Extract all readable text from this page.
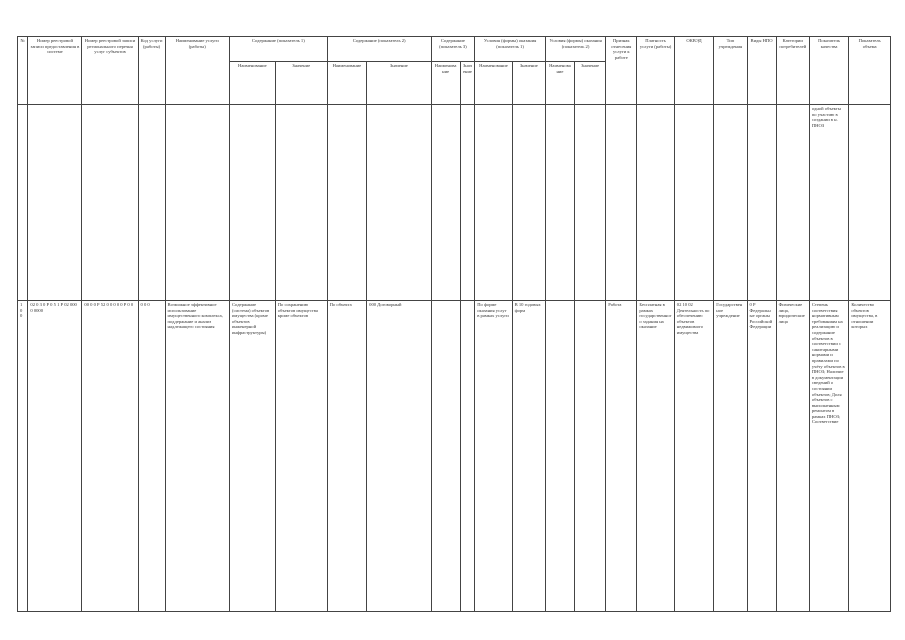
№	Номер реестровой записи предоставления в системе	Номер реестровой записи регионального перечня услуг субъектов	Код услуги (работы)	Наименование услуги (работы)	Содержание (показатель 1)		Содержание (показатель 2)		Содержание (показатель 3)		Условия (формы) оказания (показатель 1)		Условия (формы) оказания (показатель 2)		Признак отнесения услуги к работе	Платность услуги (работы)	ОКВЭД	Тип учреждения	Виды НПО	Категории потребителей	Показатель качества	Показатель объема
					Наименование	Значение	Наименование	Значение	Наименование	Значение	Наименование	Значение	Наименование	Значение								
																					одной объекты по участию в создании в н. ПНОЗ	
1 0 0	02 0 3 0 Р 0 5 1 Р 02 000 0 0000	00 0 0 Р 52 0 0 0 0 0 Р 0 0	0 0 0	Возможное эффективное использование имущественного комплекса, поддержание и анализ надлежащего состояния	Содержание (система) объектов имущества (кроме объектов инженерной инфраструктуры)	По сохранению объектов имущества кроме объектов	По объекта	000 Договорный			По форме оказания услуг в рамках услуги	В 10 годовых форм			Работа	Бесплатная в рамках государственного задания на оказание	02 10 02 Деятельность по обеспечению объектов недвижимого имущества	Государственное учреждение	0 Р Федеральные органы Российской Федерации	Физические лица, юридические лица	Степень соответствия нормативным требованиям на реализацию и содержание объектов в соответствии с санитарными нормами и правилами по учёту объектов в ПНОЗ; Наличие в документации сведений о состоянии объектов; Доля объектов с выполненным ремонтом в рамках ПНОЗ; Соответствие	Количество объектов имущества, в отношении которых
